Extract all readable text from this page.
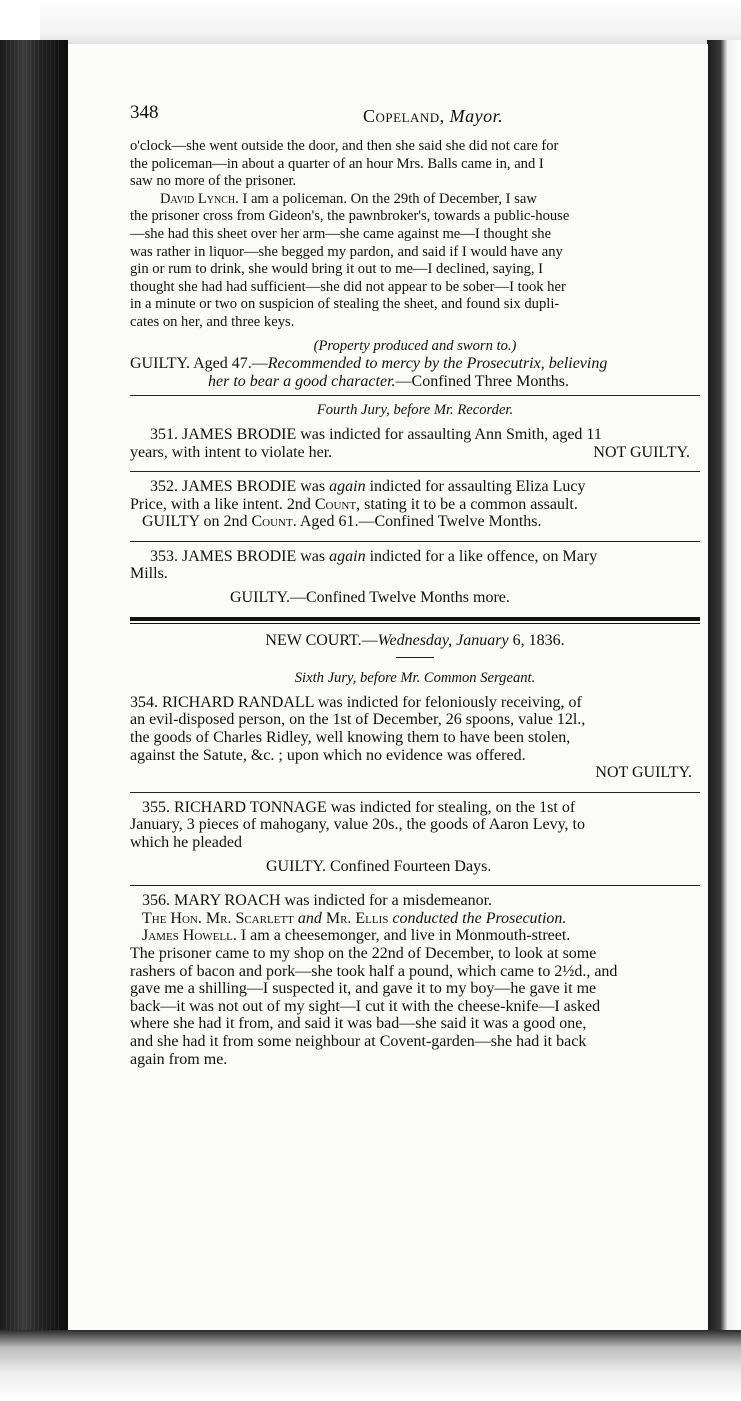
348	Copeland, Mayor.
o'clock—she went outside the door, and then she said she did not care for
the policeman—in about a quarter of an hour Mrs. Balls came in, and I
saw no more of the prisoner.
David Lynch. I am a policeman. On the 29th of December, I saw
the prisoner cross from Gideon's, the pawnbroker's, towards a public-house
—she had this sheet over her arm—she came against me—I thought she
was rather in liquor—she begged my pardon, and said if I would have any
gin or rum to drink, she would bring it out to me—I declined, saying, I
thought she had had sufficient—she did not appear to be sober—I took her
in a minute or two on suspicion of stealing the sheet, and found six dupli-
cates on her, and three keys.
(Property produced and sworn to.)
GUILTY. Aged 47.—Recommended to mercy by the Prosecutrix, believing
her to bear a good character.—Confined Three Months.
Fourth Jury, before Mr. Recorder.
351. JAMES BRODIE was indicted for assaulting Ann Smith, aged 11
years, with intent to violate her.	NOT GUILTY.
352. JAMES BRODIE was again indicted for assaulting Eliza Lucy
Price, with a like intent. 2nd Count, stating it to be a common assault.
GUILTY on 2nd Count. Aged 61.—Confined Twelve Months.
353. JAMES BRODIE was again indicted for a like offence, on Mary
Mills.
GUILTY.—Confined Twelve Months more.
NEW COURT.—Wednesday, January 6, 1836.
Sixth Jury, before Mr. Common Sergeant.
354. RICHARD RANDALL was indicted for feloniously receiving, of
an evil-disposed person, on the 1st of December, 26 spoons, value 12l.,
the goods of Charles Ridley, well knowing them to have been stolen,
against the Satute, &c. ; upon which no evidence was offered.
NOT GUILTY.
355. RICHARD TONNAGE was indicted for stealing, on the 1st of
January, 3 pieces of mahogany, value 20s., the goods of Aaron Levy, to
which he pleaded
GUILTY. Confined Fourteen Days.
356. MARY ROACH was indicted for a misdemeanor.
The Hon. Mr. Scarlett and Mr. Ellis conducted the Prosecution.
James Howell. I am a cheesemonger, and live in Monmouth-street.
The prisoner came to my shop on the 22nd of December, to look at some
rashers of bacon and pork—she took half a pound, which came to 2½d., and
gave me a shilling—I suspected it, and gave it to my boy—he gave it me
back—it was not out of my sight—I cut it with the cheese-knife—I asked
where she had it from, and said it was bad—she said it was a good one,
and she had it from some neighbour at Covent-garden—she had it back
again from me.
